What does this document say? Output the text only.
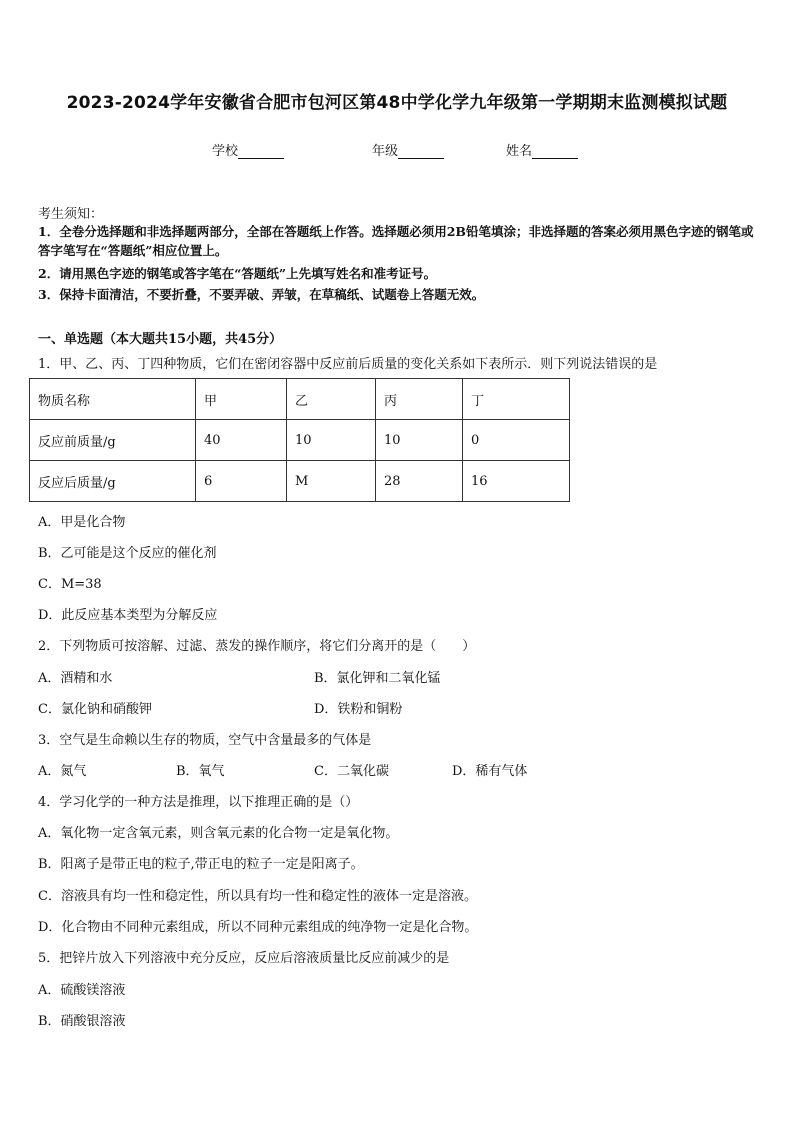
2023-2024学年安徽省合肥市包河区第48中学化学九年级第一学期期末监测模拟试题
学校	年级	姓名
考生须知：
1．全卷分选择题和非选择题两部分，全部在答题纸上作答。选择题必须用2B铅笔填涂；非选择题的答案必须用黑色字迹的钢笔或答字笔写在“答题纸”相应位置上。
2．请用黑色字迹的钢笔或答字笔在“答题纸”上先填写姓名和准考证号。
3．保持卡面清洁，不要折叠，不要弄破、弄皱，在草稿纸、试题卷上答题无效。
一、单选题（本大题共15小题，共45分）
1．甲、乙、丙、丁四种物质，它们在密闭容器中反应前后质量的变化关系如下表所示．则下列说法错误的是
物质名称	甲	乙	丙	丁
反应前质量/g	40	10	10	0
反应后质量/g	6	M	28	16
A．甲是化合物
B．乙可能是这个反应的催化剂
C．M=38
D．此反应基本类型为分解反应
2．下列物质可按溶解、过滤、蒸发的操作顺序，将它们分离开的是（　　）
A．酒精和水	B．氯化钾和二氧化锰
C．氯化钠和硝酸钾	D．铁粉和铜粉
3．空气是生命赖以生存的物质，空气中含量最多的气体是
A．氮气	B．氧气	C．二氧化碳	D．稀有气体
4．学习化学的一种方法是推理，以下推理正确的是（）
A．氧化物一定含氧元素，则含氧元素的化合物一定是氧化物。
B．阳离子是带正电的粒子,带正电的粒子一定是阳离子。
C．溶液具有均一性和稳定性，所以具有均一性和稳定性的液体一定是溶液。
D．化合物由不同种元素组成，所以不同种元素组成的纯净物一定是化合物。
5．把锌片放入下列溶液中充分反应，反应后溶液质量比反应前减少的是
A．硫酸镁溶液
B．硝酸银溶液
